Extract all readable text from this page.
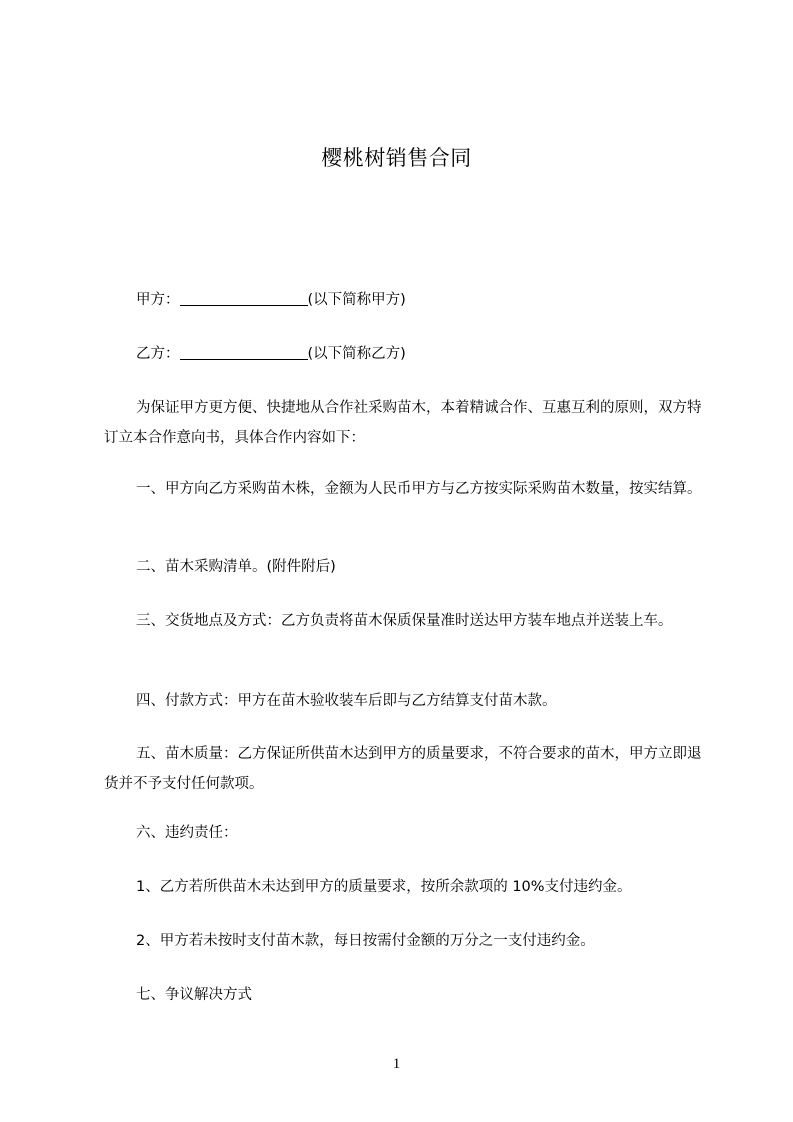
樱桃树销售合同

甲方：	(以下简称甲方)

乙方：	(以下简称乙方)

为保证甲方更方便、快捷地从合作社采购苗木，本着精诚合作、互惠互利的原则，双方特订立本合作意向书，具体合作内容如下：

一、甲方向乙方采购苗木株，金额为人民币甲方与乙方按实际采购苗木数量，按实结算。

二、苗木采购清单。(附件附后)

三、交货地点及方式：乙方负责将苗木保质保量准时送达甲方装车地点并送装上车。

四、付款方式：甲方在苗木验收装车后即与乙方结算支付苗木款。

五、苗木质量：乙方保证所供苗木达到甲方的质量要求，不符合要求的苗木，甲方立即退货并不予支付任何款项。

六、违约责任：

1、乙方若所供苗木未达到甲方的质量要求，按所余款项的 10%支付违约金。

2、甲方若未按时支付苗木款，每日按需付金额的万分之一支付违约金。

七、争议解决方式

1
